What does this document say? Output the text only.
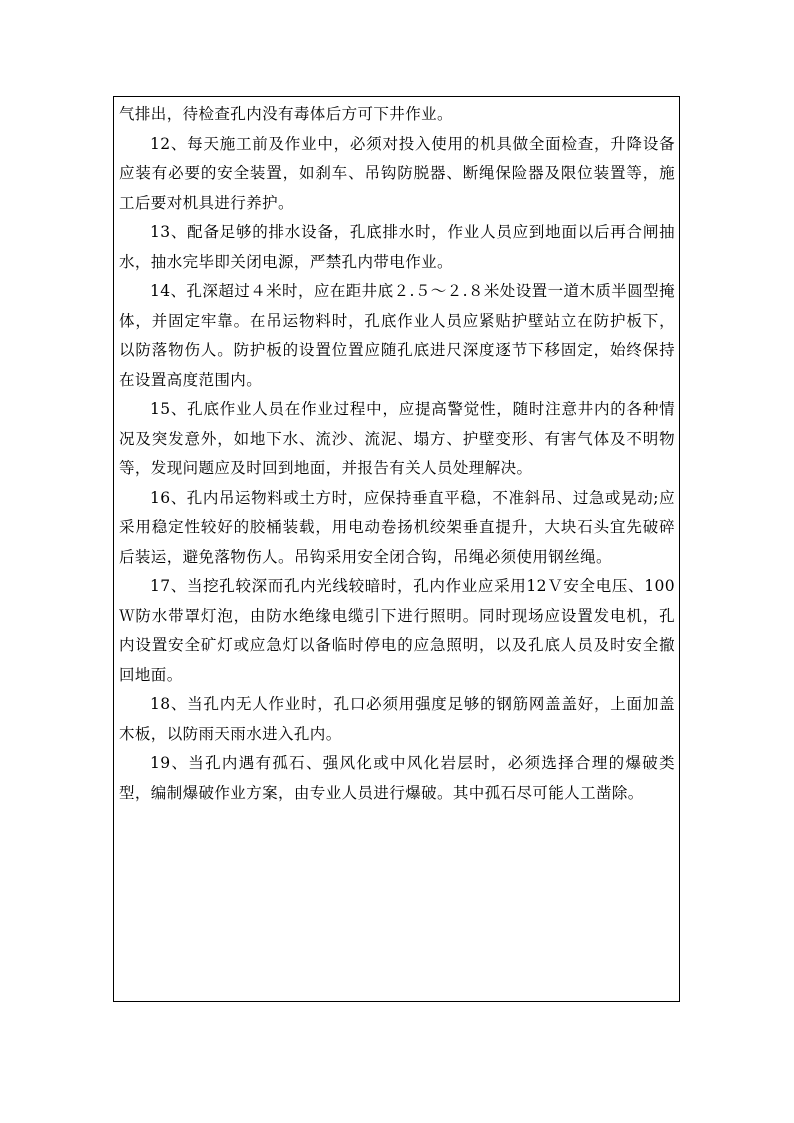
气排出，待检查孔内没有毒体后方可下井作业。

12、每天施工前及作业中，必须对投入使用的机具做全面检查，升降设备应装有必要的安全装置，如刹车、吊钩防脱器、断绳保险器及限位装置等，施工后要对机具进行养护。

13、配备足够的排水设备，孔底排水时，作业人员应到地面以后再合闸抽水，抽水完毕即关闭电源，严禁孔内带电作业。

14、孔深超过４米时，应在距井底２.５～２.８米处设置一道木质半圆型掩体，并固定牢靠。在吊运物料时，孔底作业人员应紧贴护壁站立在防护板下，以防落物伤人。防护板的设置位置应随孔底进尺深度逐节下移固定，始终保持在设置高度范围内。

15、孔底作业人员在作业过程中，应提高警觉性，随时注意井内的各种情况及突发意外，如地下水、流沙、流泥、塌方、护壁变形、有害气体及不明物等，发现问题应及时回到地面，并报告有关人员处理解决。

16、孔内吊运物料或土方时，应保持垂直平稳，不准斜吊、过急或晃动;应采用稳定性较好的胶桶装载，用电动卷扬机绞架垂直提升，大块石头宜先破碎后装运，避免落物伤人。吊钩采用安全闭合钩，吊绳必须使用钢丝绳。

17、当挖孔较深而孔内光线较暗时，孔内作业应采用12Ｖ安全电压、100Ｗ防水带罩灯泡，由防水绝缘电缆引下进行照明。同时现场应设置发电机，孔内设置安全矿灯或应急灯以备临时停电的应急照明，以及孔底人员及时安全撤回地面。

18、当孔内无人作业时，孔口必须用强度足够的钢筋网盖盖好，上面加盖木板，以防雨天雨水进入孔内。

19、当孔内遇有孤石、强风化或中风化岩层时，必须选择合理的爆破类型，编制爆破作业方案，由专业人员进行爆破。其中孤石尽可能人工凿除。
